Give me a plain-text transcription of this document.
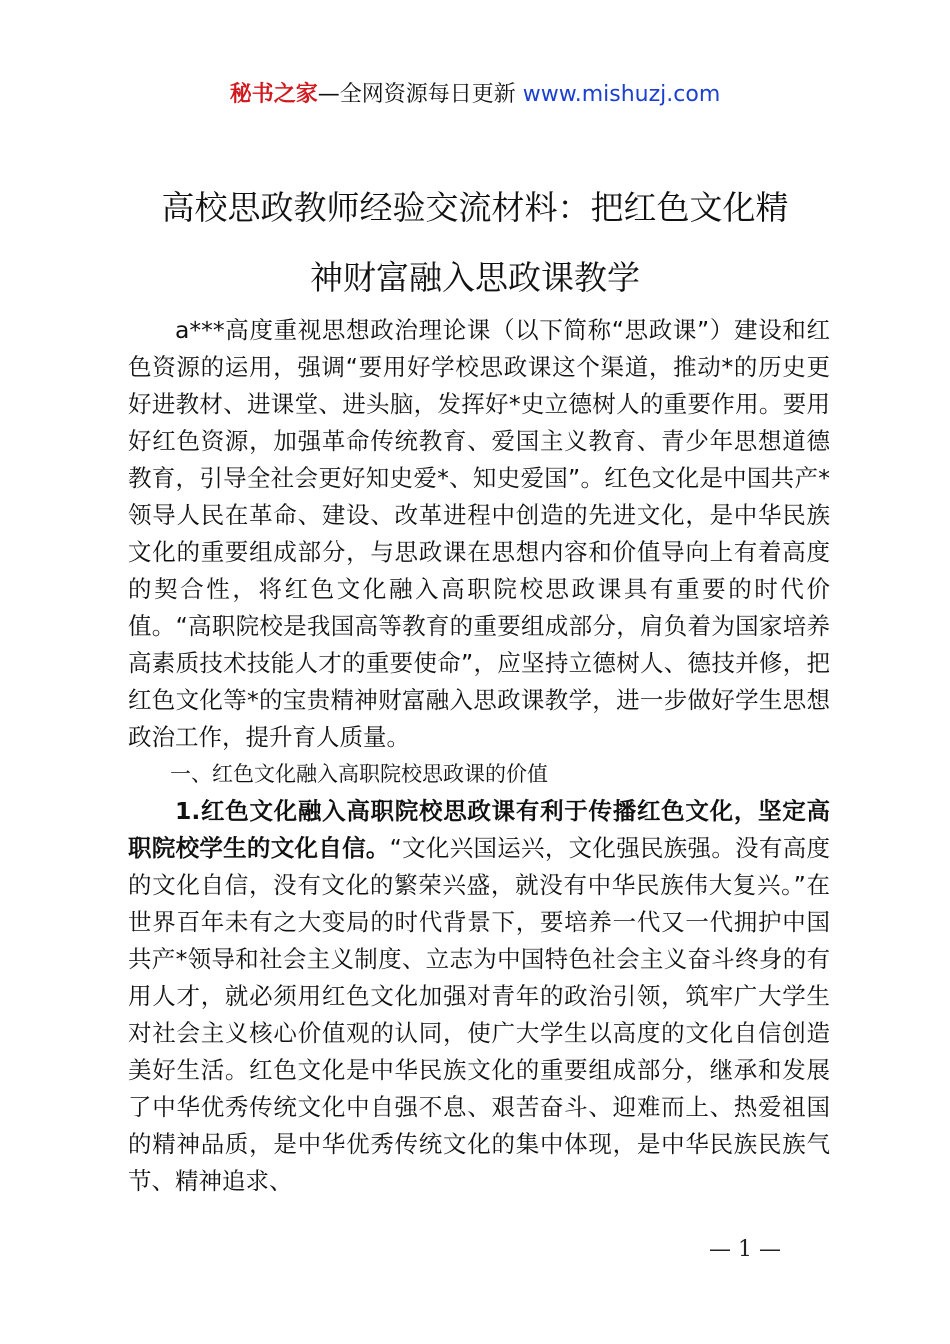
秘书之家—全网资源每日更新 www.mishuzj.com
高校思政教师经验交流材料：把红色文化精
神财富融入思政课教学

a***高度重视思想政治理论课（以下简称“思政课”）建设和红色资源的运用，强调“要用好学校思政课这个渠道，推动*的历史更好进教材、进课堂、进头脑，发挥好*史立德树人的重要作用。要用好红色资源，加强革命传统教育、爱国主义教育、青少年思想道德教育，引导全社会更好知史爱*、知史爱国”。红色文化是中国共产*领导人民在革命、建设、改革进程中创造的先进文化，是中华民族文化的重要组成部分，与思政课在思想内容和价值导向上有着高度的契合性，将红色文化融入高职院校思政课具有重要的时代价值。“高职院校是我国高等教育的重要组成部分，肩负着为国家培养高素质技术技能人才的重要使命”，应坚持立德树人、德技并修，把红色文化等*的宝贵精神财富融入思政课教学，进一步做好学生思想政治工作，提升育人质量。

一、红色文化融入高职院校思政课的价值

1.红色文化融入高职院校思政课有利于传播红色文化，坚定高职院校学生的文化自信。“文化兴国运兴，文化强民族强。没有高度的文化自信，没有文化的繁荣兴盛，就没有中华民族伟大复兴。”在世界百年未有之大变局的时代背景下，要培养一代又一代拥护中国共产*领导和社会主义制度、立志为中国特色社会主义奋斗终身的有用人才，就必须用红色文化加强对青年的政治引领，筑牢广大学生对社会主义核心价值观的认同，使广大学生以高度的文化自信创造美好生活。红色文化是中华民族文化的重要组成部分，继承和发展了中华优秀传统文化中自强不息、艰苦奋斗、迎难而上、热爱祖国的精神品质，是中华优秀传统文化的集中体现，是中华民族民族气节、精神追求、

— 1 —
